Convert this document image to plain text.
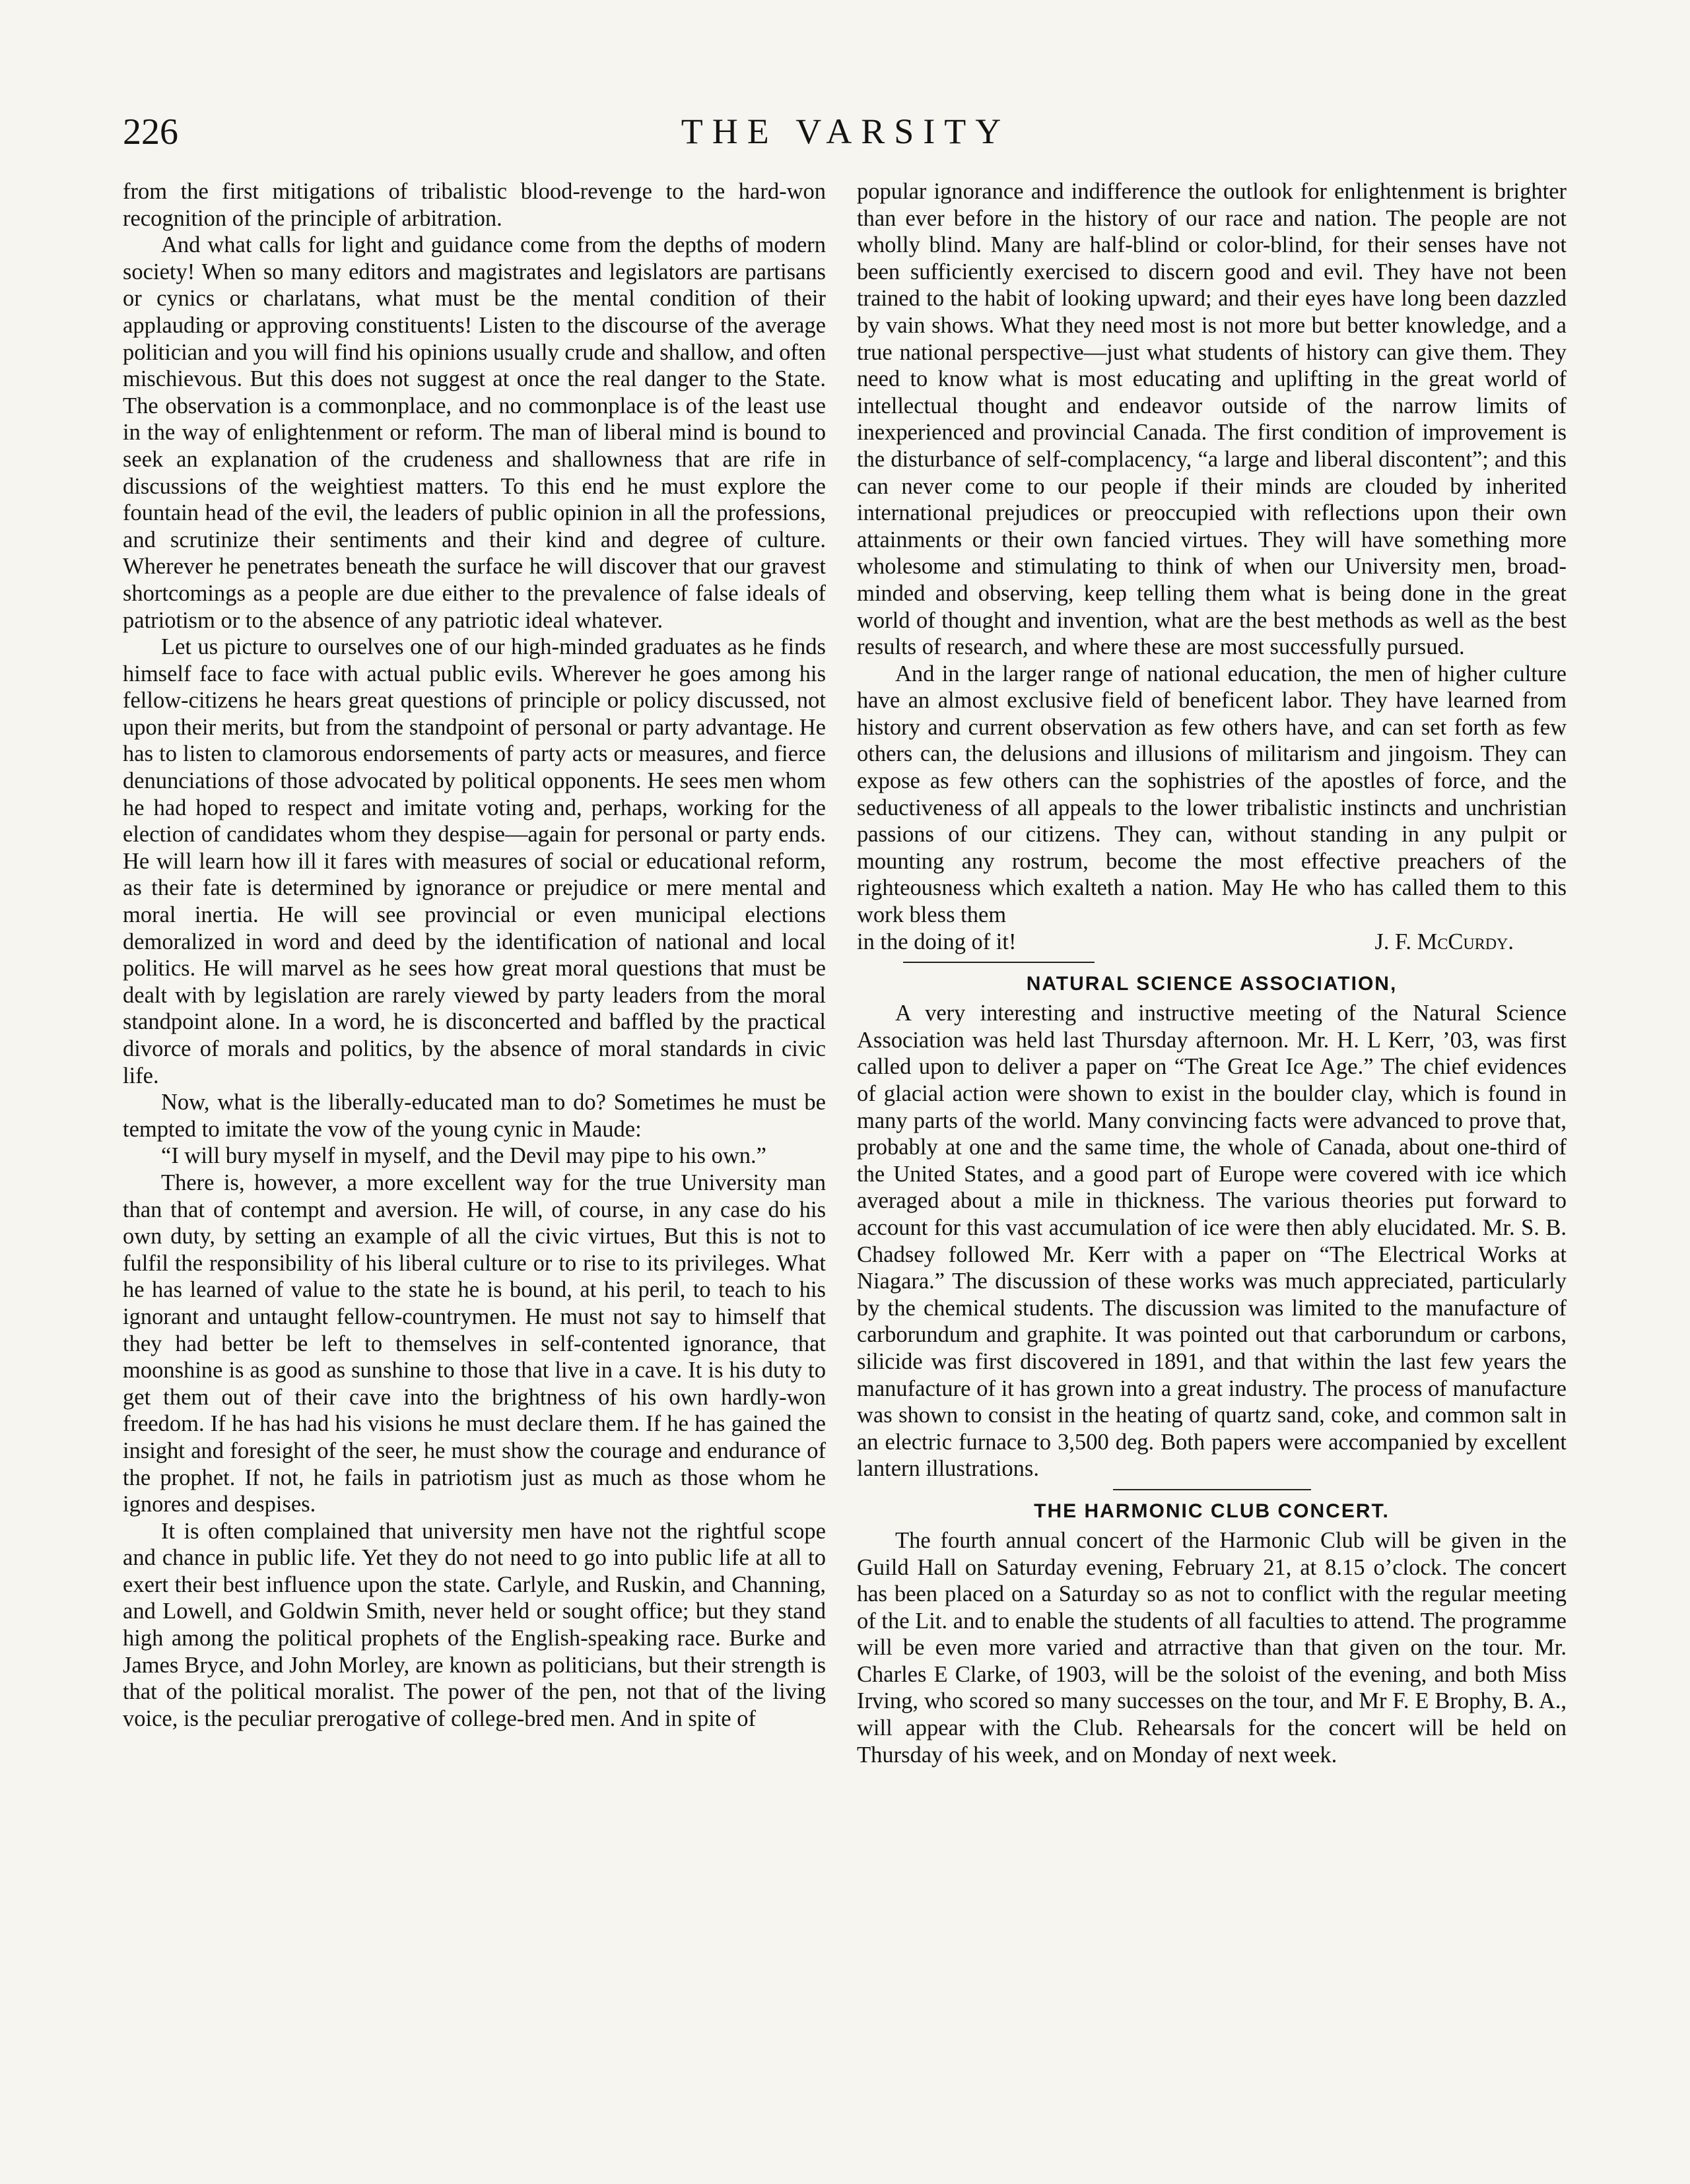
226	THE VARSITY

from the first mitigations of tribalistic blood-revenge to the hard-won recognition of the principle of arbitration.

And what calls for light and guidance come from the depths of modern society! When so many editors and magistrates and legislators are partisans or cynics or charlatans, what must be the mental condition of their applauding or approving constituents! Listen to the discourse of the average politician and you will find his opinions usually crude and shallow, and often mischievous. But this does not suggest at once the real danger to the State. The observation is a commonplace, and no commonplace is of the least use in the way of enlightenment or reform. The man of liberal mind is bound to seek an explanation of the crudeness and shallowness that are rife in discussions of the weightiest matters. To this end he must explore the fountain head of the evil, the leaders of public opinion in all the professions, and scrutinize their sentiments and their kind and degree of culture. Wherever he penetrates beneath the surface he will discover that our gravest shortcomings as a people are due either to the prevalence of false ideals of patriotism or to the absence of any patriotic ideal whatever.

Let us picture to ourselves one of our high-minded graduates as he finds himself face to face with actual public evils. Wherever he goes among his fellow-citizens he hears great questions of principle or policy discussed, not upon their merits, but from the standpoint of personal or party advantage. He has to listen to clamorous endorsements of party acts or measures, and fierce denunciations of those advocated by political opponents. He sees men whom he had hoped to respect and imitate voting and, perhaps, working for the election of candidates whom they despise—again for personal or party ends. He will learn how ill it fares with measures of social or educational reform, as their fate is determined by ignorance or prejudice or mere mental and moral inertia. He will see provincial or even municipal elections demoralized in word and deed by the identification of national and local politics. He will marvel as he sees how great moral questions that must be dealt with by legislation are rarely viewed by party leaders from the moral standpoint alone. In a word, he is disconcerted and baffled by the practical divorce of morals and politics, by the absence of moral standards in civic life.

Now, what is the liberally-educated man to do? Sometimes he must be tempted to imitate the vow of the young cynic in Maude:

“I will bury myself in myself, and the Devil may pipe to his own.”

There is, however, a more excellent way for the true University man than that of contempt and aversion. He will, of course, in any case do his own duty, by setting an example of all the civic virtues, But this is not to fulfil the responsibility of his liberal culture or to rise to its privileges. What he has learned of value to the state he is bound, at his peril, to teach to his ignorant and untaught fellow-countrymen. He must not say to himself that they had better be left to themselves in self-contented ignorance, that moonshine is as good as sunshine to those that live in a cave. It is his duty to get them out of their cave into the brightness of his own hardly-won freedom. If he has had his visions he must declare them. If he has gained the insight and foresight of the seer, he must show the courage and endurance of the prophet. If not, he fails in patriotism just as much as those whom he ignores and despises.

It is often complained that university men have not the rightful scope and chance in public life. Yet they do not need to go into public life at all to exert their best influence upon the state. Carlyle, and Ruskin, and Channing, and Lowell, and Goldwin Smith, never held or sought office; but they stand high among the political prophets of the English-speaking race. Burke and James Bryce, and John Morley, are known as politicians, but their strength is that of the political moralist. The power of the pen, not that of the living voice, is the peculiar prerogative of college-bred men. And in spite of

popular ignorance and indifference the outlook for enlightenment is brighter than ever before in the history of our race and nation. The people are not wholly blind. Many are half-blind or color-blind, for their senses have not been sufficiently exercised to discern good and evil. They have not been trained to the habit of looking upward; and their eyes have long been dazzled by vain shows. What they need most is not more but better knowledge, and a true national perspective—just what students of history can give them. They need to know what is most educating and uplifting in the great world of intellectual thought and endeavor outside of the narrow limits of inexperienced and provincial Canada. The first condition of improvement is the disturbance of self-complacency, “a large and liberal discontent”; and this can never come to our people if their minds are clouded by inherited international prejudices or preoccupied with reflections upon their own attainments or their own fancied virtues. They will have something more wholesome and stimulating to think of when our University men, broad-minded and observing, keep telling them what is being done in the great world of thought and invention, what are the best methods as well as the best results of research, and where these are most successfully pursued.

And in the larger range of national education, the men of higher culture have an almost exclusive field of beneficent labor. They have learned from history and current observation as few others have, and can set forth as few others can, the delusions and illusions of militarism and jingoism. They can expose as few others can the sophistries of the apostles of force, and the seductiveness of all appeals to the lower tribalistic instincts and unchristian passions of our citizens. They can, without standing in any pulpit or mounting any rostrum, become the most effective preachers of the righteousness which exalteth a nation. May He who has called them to this work bless them

in the doing of it!	J. F. McCurdy.
NATURAL SCIENCE ASSOCIATION,

A very interesting and instructive meeting of the Natural Science Association was held last Thursday afternoon. Mr. H. L Kerr, ’03, was first called upon to deliver a paper on “The Great Ice Age.” The chief evidences of glacial action were shown to exist in the boulder clay, which is found in many parts of the world. Many convincing facts were advanced to prove that, probably at one and the same time, the whole of Canada, about one-third of the United States, and a good part of Europe were covered with ice which averaged about a mile in thickness. The various theories put forward to account for this vast accumulation of ice were then ably elucidated. Mr. S. B. Chadsey followed Mr. Kerr with a paper on “The Electrical Works at Niagara.” The discussion of these works was much appreciated, particularly by the chemical students. The discussion was limited to the manufacture of carborundum and graphite. It was pointed out that carborundum or carbons, silicide was first discovered in 1891, and that within the last few years the manufacture of it has grown into a great industry. The process of manufacture was shown to consist in the heating of quartz sand, coke, and common salt in an electric furnace to 3,500 deg. Both papers were accompanied by excellent lantern illustrations.

THE HARMONIC CLUB CONCERT.

The fourth annual concert of the Harmonic Club will be given in the Guild Hall on Saturday evening, February 21, at 8.15 o’clock. The concert has been placed on a Saturday so as not to conflict with the regular meeting of the Lit. and to enable the students of all faculties to attend. The programme will be even more varied and atrractive than that given on the tour. Mr. Charles E Clarke, of 1903, will be the soloist of the evening, and both Miss Irving, who scored so many successes on the tour, and Mr F. E Brophy, B. A., will appear with the Club. Rehearsals for the concert will be held on Thursday of his week, and on Monday of next week.
